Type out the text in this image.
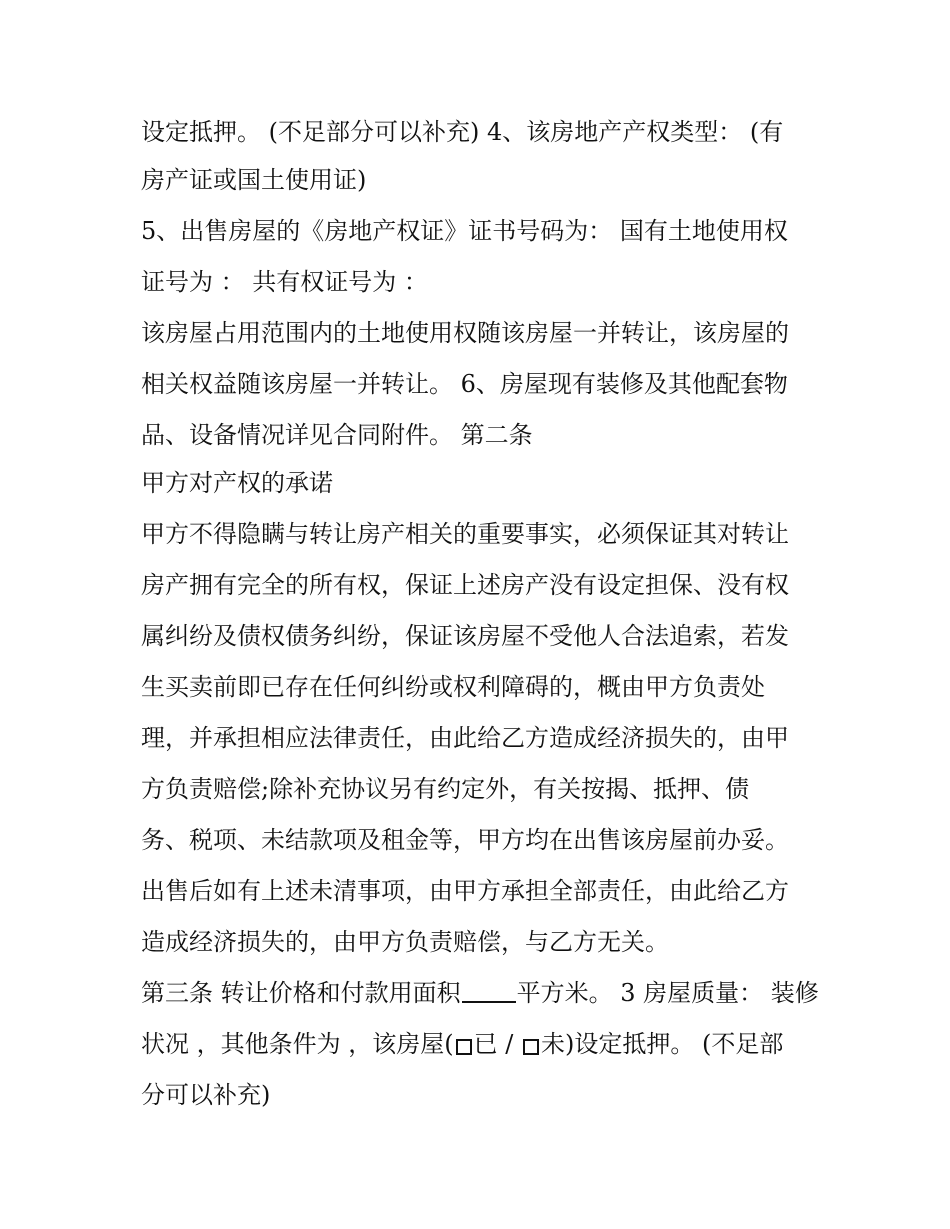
设定抵押。 (不足部分可以补充) 4、该房地产产权类型： (有
房产证或国土使用证)
5、出售房屋的《房地产权证》证书号码为： 国有土地使用权
证号为 ： 共有权证号为 ：
该房屋占用范围内的土地使用权随该房屋一并转让，该房屋的
相关权益随该房屋一并转让。 6、房屋现有装修及其他配套物
品、设备情况详见合同附件。 第二条
甲方对产权的承诺
甲方不得隐瞒与转让房产相关的重要事实，必须保证其对转让
房产拥有完全的所有权，保证上述房产没有设定担保、没有权
属纠纷及债权债务纠纷，保证该房屋不受他人合法追索，若发
生买卖前即已存在任何纠纷或权利障碍的，概由甲方负责处
理，并承担相应法律责任，由此给乙方造成经济损失的，由甲
方负责赔偿;除补充协议另有约定外，有关按揭、抵押、债
务、税项、未结款项及租金等，甲方均在出售该房屋前办妥。
出售后如有上述未清事项，由甲方承担全部责任，由此给乙方
造成经济损失的，由甲方负责赔偿，与乙方无关。
第三条 转让价格和付款用面积 平方米。 3 房屋质量： 装修
状况 ，其他条件为 ，该房屋( 已 / 未)设定抵押。 (不足部
分可以补充)
